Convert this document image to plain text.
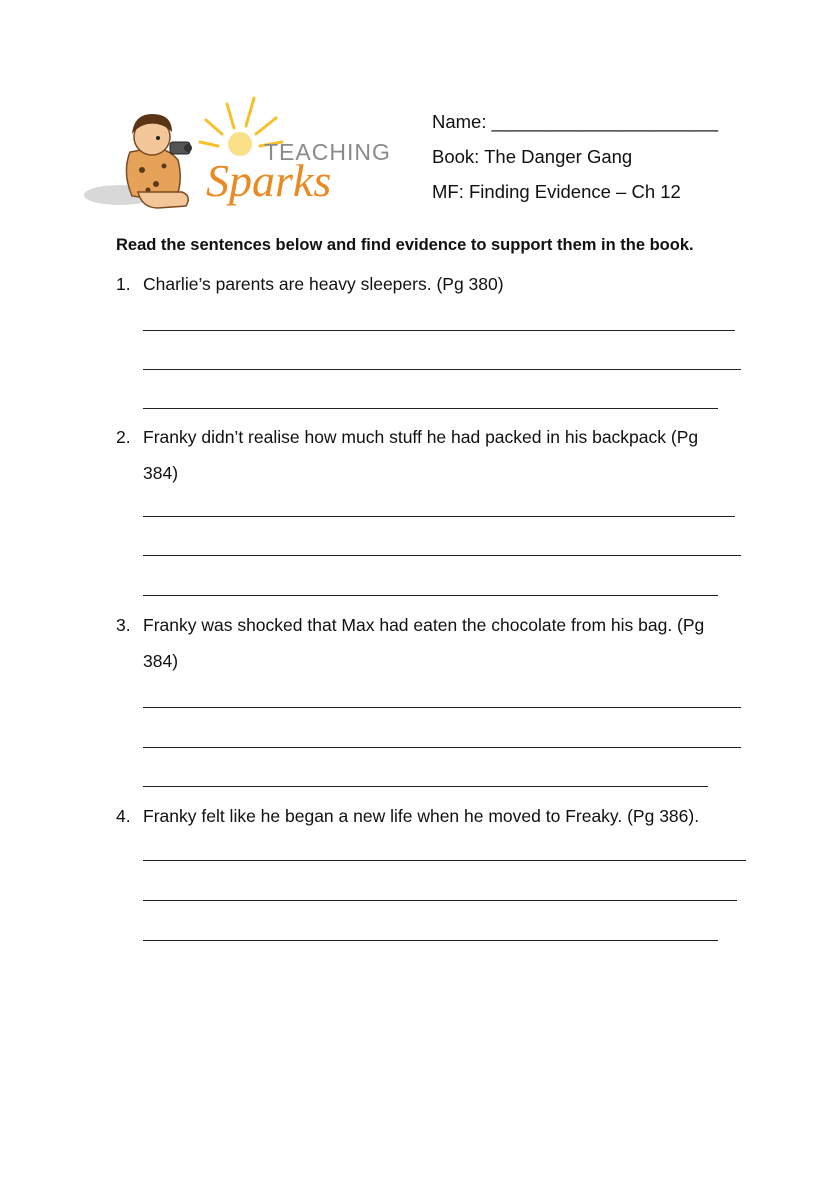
TEACHING
Sparks
Name: ______________________
Book: The Danger Gang
MF: Finding Evidence – Ch 12
Read the sentences below and find evidence to support them in the book.
1. Charlie’s parents are heavy sleepers. (Pg 380)
2. Franky didn’t realise how much stuff he had packed in his backpack (Pg 384)
3. Franky was shocked that Max had eaten the chocolate from his bag. (Pg 384)
4. Franky felt like he began a new life when he moved to Freaky. (Pg 386).
